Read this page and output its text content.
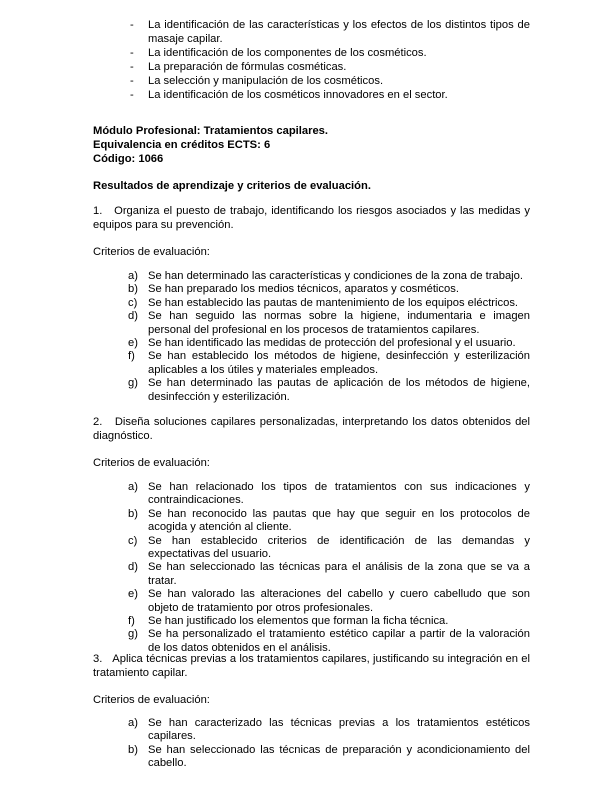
- La identificación de las características y los efectos de los distintos tipos de masaje capilar.
- La identificación de los componentes de los cosméticos.
- La preparación de fórmulas cosméticas.
- La selección y manipulación de los cosméticos.
- La identificación de los cosméticos innovadores en el sector.
Módulo Profesional: Tratamientos capilares.
Equivalencia en créditos ECTS: 6
Código: 1066
Resultados de aprendizaje y criterios de evaluación.
1. Organiza el puesto de trabajo, identificando los riesgos asociados y las medidas y equipos para su prevención.
Criterios de evaluación:
a) Se han determinado las características y condiciones de la zona de trabajo.
b) Se han preparado los medios técnicos, aparatos y cosméticos.
c) Se han establecido las pautas de mantenimiento de los equipos eléctricos.
d) Se han seguido las normas sobre la higiene, indumentaria e imagen personal del profesional en los procesos de tratamientos capilares.
e) Se han identificado las medidas de protección del profesional y el usuario.
f) Se han establecido los métodos de higiene, desinfección y esterilización aplicables a los útiles y materiales empleados.
g) Se han determinado las pautas de aplicación de los métodos de higiene, desinfección y esterilización.
2. Diseña soluciones capilares personalizadas, interpretando los datos obtenidos del diagnóstico.
Criterios de evaluación:
a) Se han relacionado los tipos de tratamientos con sus indicaciones y contraindicaciones.
b) Se han reconocido las pautas que hay que seguir en los protocolos de acogida y atención al cliente.
c) Se han establecido criterios de identificación de las demandas y expectativas del usuario.
d) Se han seleccionado las técnicas para el análisis de la zona que se va a tratar.
e) Se han valorado las alteraciones del cabello y cuero cabelludo que son objeto de tratamiento por otros profesionales.
f) Se han justificado los elementos que forman la ficha técnica.
g) Se ha personalizado el tratamiento estético capilar a partir de la valoración de los datos obtenidos en el análisis.
3. Aplica técnicas previas a los tratamientos capilares, justificando su integración en el tratamiento capilar.
Criterios de evaluación:
a) Se han caracterizado las técnicas previas a los tratamientos estéticos capilares.
b) Se han seleccionado las técnicas de preparación y acondicionamiento del cabello.
